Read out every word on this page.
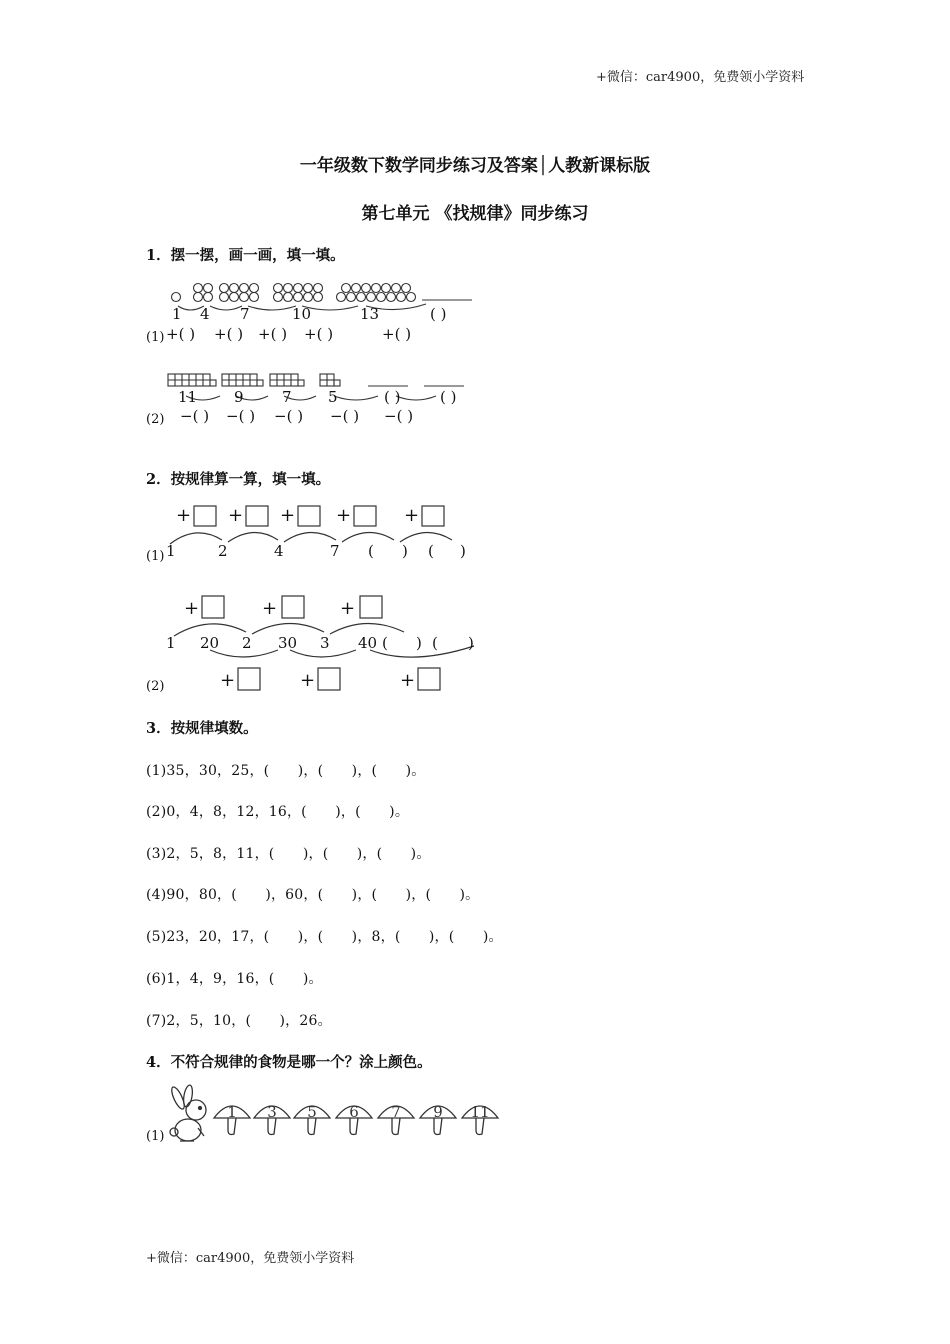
+微信：car4900，免费领小学资料
+微信：car4900，免费领小学资料
一年级数下数学同步练习及答案│人教新课标版
第七单元 《找规律》同步练习
1．摆一摆，画一画，填一填。
1 4 7	10	13	( )
(1) +( ) +( ) +( ) +( )	+( )
11 9	7 5	( )	( )
(2) −( ) −( ) −( ) −( ) −( )
2．按规律算一算，填一填。
+ + + +	+
(1) 1	2	4	7 ( ) ( )
+	+	+
1 20 2 30 3 40 ( ) ( )
+	+	+
(2)
3．按规律填数。
(1)35，30，25，(　　)，(　　)，(　　)。
(2)0，4，8，12，16，(　　)，(　　)。
(3)2，5，8，11，(　　)，(　　)，(　　)。
(4)90，80，(　　)，60，(　　)，(　　)，(　　)。
(5)23，20，17，(　　)，(　　)，8，(　　)，(　　)。
(6)1，4，9，16，(　　)。
(7)2，5，10，(　　)，26。
4．不符合规律的食物是哪一个？涂上颜色。
(1)
1 3 5 6 7 9 11
